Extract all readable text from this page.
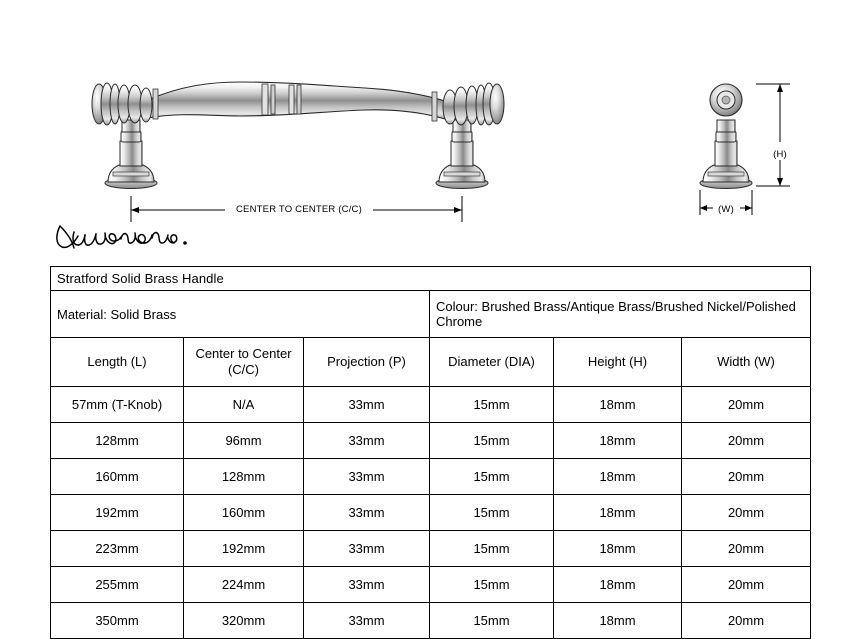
CENTER TO CENTER (C/C)
(H)
(W)
Stratford Solid Brass Handle					
Material: Solid Brass			Colour: Brushed Brass/Antique Brass/Brushed Nickel/Polished Chrome		
Length (L)	Center to Center (C/C)	Projection (P)	Diameter (DIA)	Height (H)	Width (W)
57mm (T-Knob)	N/A	33mm	15mm	18mm	20mm
128mm	96mm	33mm	15mm	18mm	20mm
160mm	128mm	33mm	15mm	18mm	20mm
192mm	160mm	33mm	15mm	18mm	20mm
223mm	192mm	33mm	15mm	18mm	20mm
255mm	224mm	33mm	15mm	18mm	20mm
350mm	320mm	33mm	15mm	18mm	20mm
